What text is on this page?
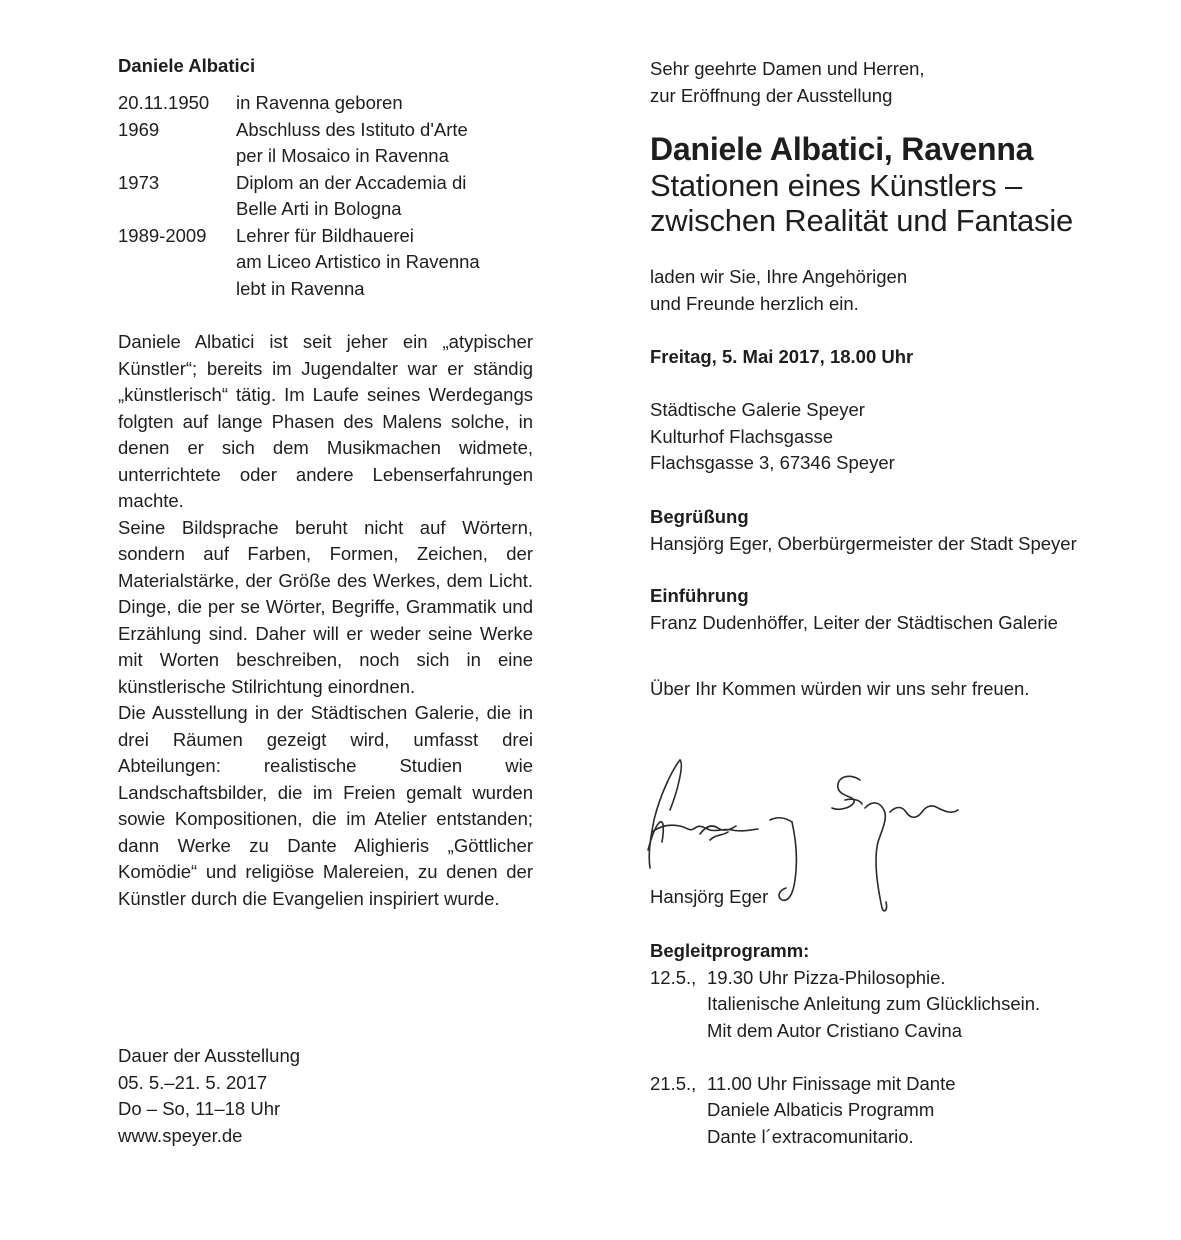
Daniele Albatici
20.11.1950	in Ravenna geboren

1969	Abschluss des Istituto d'Arte
per il Mosaico in Ravenna

1973	Diplom an der Accademia di
Belle Arti in Bologna

1989-2009	Lehrer für Bildhauerei
am Liceo Artistico in Ravenna
lebt in Ravenna

Daniele Albatici ist seit jeher ein „atypischer Künstler“; bereits im Jugendalter war er ständig „künstlerisch“ tätig. Im Laufe seines Werdegangs folgten auf lange Phasen des Malens solche, in denen er sich dem Musikmachen widmete, unterrichtete oder andere Lebenserfahrungen machte.

Seine Bildsprache beruht nicht auf Wörtern, sondern auf Farben, Formen, Zeichen, der Materialstärke, der Größe des Werkes, dem Licht. Dinge, die per se Wörter, Begriffe, Grammatik und Erzählung sind. Daher will er weder seine Werke mit Worten beschreiben, noch sich in eine künstlerische Stilrichtung einordnen.

Die Ausstellung in der Städtischen Galerie, die in drei Räumen gezeigt wird, umfasst drei Abteilungen: realistische Studien wie Landschaftsbilder, die im Freien gemalt wurden sowie Kompositionen, die im Atelier entstanden; dann Werke zu Dante Alighieris „Göttlicher Komödie“ und religiöse Malereien, zu denen der Künstler durch die Evangelien inspiriert wurde.

Dauer der Ausstellung
05. 5.–21. 5. 2017
Do – So, 11–18 Uhr
www.speyer.de
Sehr geehrte Damen und Herren,
zur Eröffnung der Ausstellung
Daniele Albatici, Ravenna
Stationen eines Künstlers –
zwischen Realität und Fantasie
laden wir Sie, Ihre Angehörigen
und Freunde herzlich ein.
Freitag, 5. Mai 2017, 18.00 Uhr
Städtische Galerie Speyer
Kulturhof Flachsgasse
Flachsgasse 3, 67346 Speyer
Begrüßung
Hansjörg Eger, Oberbürgermeister der Stadt Speyer
Einführung
Franz Dudenhöffer, Leiter der Städtischen Galerie
Über Ihr Kommen würden wir uns sehr freuen.
Hansjörg Eger
Begleitprogramm:
12.5., 19.30 Uhr Pizza-Philosophie.
Italienische Anleitung zum Glücklichsein.
Mit dem Autor Cristiano Cavina
21.5., 11.00 Uhr Finissage mit Dante
Daniele Albaticis Programm
Dante l´extracomunitario.
